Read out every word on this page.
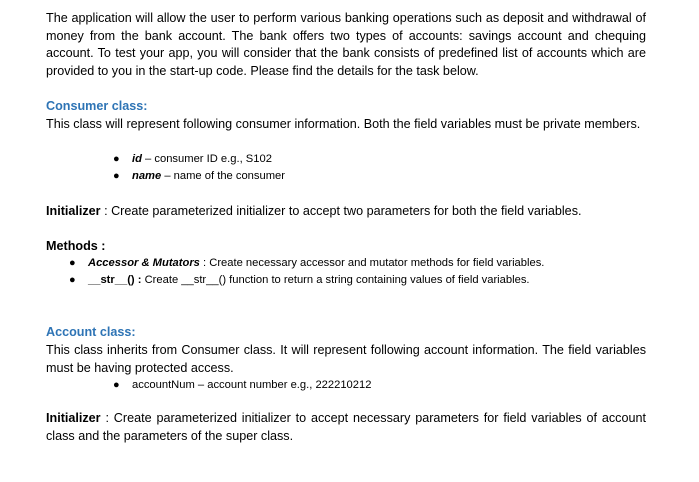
The application will allow the user to perform various banking operations such as deposit and withdrawal of money from the bank account. The bank offers two types of accounts: savings account and chequing account. To test your app, you will consider that the bank consists of predefined list of accounts which are provided to you in the start-up code. Please find the details for the task below.

Consumer class:

This class will represent following consumer information. Both the field variables must be private members.

● id – consumer ID e.g., S102
● name – name of the consumer

Initializer : Create parameterized initializer to accept two parameters for both the field variables.

Methods :

● Accessor & Mutators : Create necessary accessor and mutator methods for field variables.
● __str__() : Create __str__() function to return a string containing values of field variables.

Account class:

This class inherits from Consumer class. It will represent following account information. The field variables must be having protected access.

● accountNum – account number e.g., 222210212

Initializer : Create parameterized initializer to accept necessary parameters for field variables of account class and the parameters of the super class.
